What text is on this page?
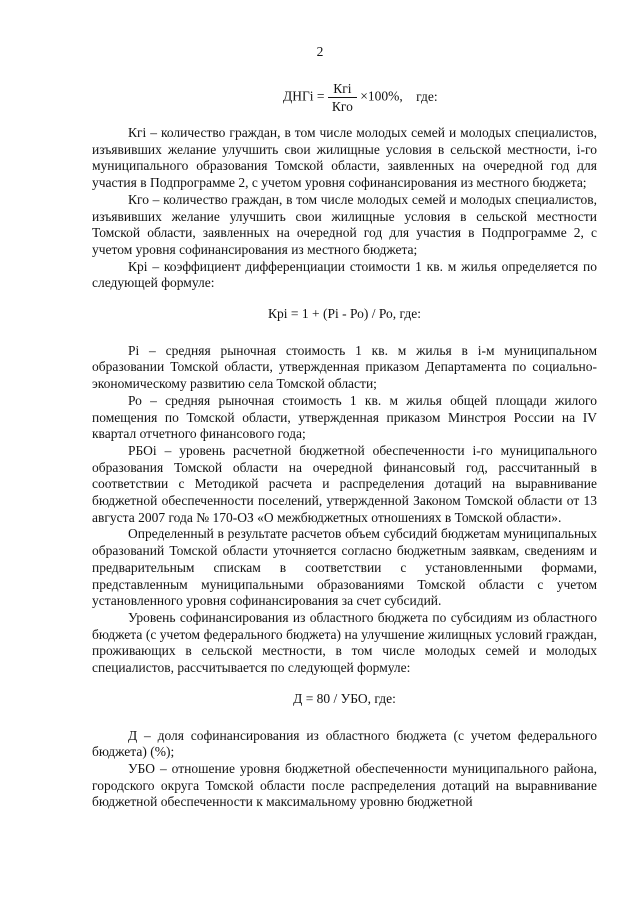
2
ДНГi = $\frac{\text{Кгi}}{\text{Кго}} \times 100\%$, где:

Кгi – количество граждан, в том числе молодых семей и молодых специалистов, изъявивших желание улучшить свои жилищные условия в сельской местности, i-го муниципального образования Томской области, заявленных на очередной год для участия в Подпрограмме 2, с учетом уровня софинансирования из местного бюджета;

Кго – количество граждан, в том числе молодых семей и молодых специалистов, изъявивших желание улучшить свои жилищные условия в сельской местности Томской области, заявленных на очередной год для участия в Подпрограмме 2, с учетом уровня софинансирования из местного бюджета;

Крi – коэффициент дифференциации стоимости 1 кв. м жилья определяется по следующей формуле:

Крi = 1 + (Рi - Ро) / Ро, где:

Рi – средняя рыночная стоимость 1 кв. м жилья в i-м муниципальном образовании Томской области, утвержденная приказом Департамента по социально-экономическому развитию села Томской области;

Ро – средняя рыночная стоимость 1 кв. м жилья общей площади жилого помещения по Томской области, утвержденная приказом Минстроя России на IV квартал отчетного финансового года;

РБОi – уровень расчетной бюджетной обеспеченности i-го муниципального образования Томской области на очередной финансовый год, рассчитанный в соответствии с Методикой расчета и распределения дотаций на выравнивание бюджетной обеспеченности поселений, утвержденной Законом Томской области от 13 августа 2007 года № 170-ОЗ «О межбюджетных отношениях в Томской области».

Определенный в результате расчетов объем субсидий бюджетам муниципальных образований Томской области уточняется согласно бюджетным заявкам, сведениям и предварительным спискам в соответствии с установленными формами, представленным муниципальными образованиями Томской области с учетом установленного уровня софинансирования за счет субсидий.

Уровень софинансирования из областного бюджета по субсидиям из областного бюджета (с учетом федерального бюджета) на улучшение жилищных условий граждан, проживающих в сельской местности, в том числе молодых семей и молодых специалистов, рассчитывается по следующей формуле:

Д = 80 / УБО, где:

Д – доля софинансирования из областного бюджета (с учетом федерального бюджета) (%);

УБО – отношение уровня бюджетной обеспеченности муниципального района, городского округа Томской области после распределения дотаций на выравнивание бюджетной обеспеченности к максимальному уровню бюджетной
